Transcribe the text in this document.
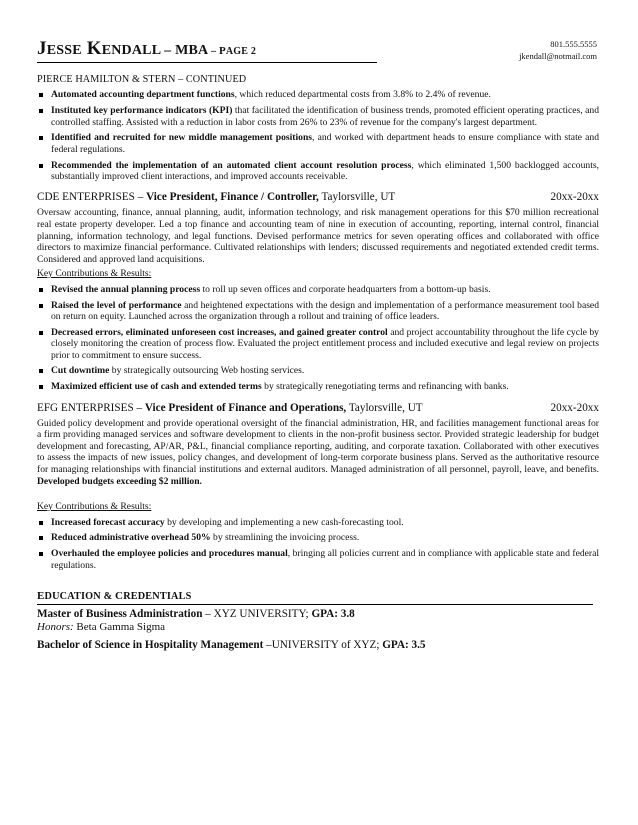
JESSE KENDALL – MBA – PAGE 2
801.555.5555
jkendall@notmail.com
PIERCE HAMILTON & STERN – CONTINUED
Automated accounting department functions, which reduced departmental costs from 3.8% to 2.4% of revenue.
Instituted key performance indicators (KPI) that facilitated the identification of business trends, promoted efficient operating practices, and controlled staffing. Assisted with a reduction in labor costs from 26% to 23% of revenue for the company's largest department.
Identified and recruited for new middle management positions, and worked with department heads to ensure compliance with state and federal regulations.
Recommended the implementation of an automated client account resolution process, which eliminated 1,500 backlogged accounts, substantially improved client interactions, and improved accounts receivable.
CDE ENTERPRISES – Vice President, Finance / Controller, Taylorsville, UT	20xx-20xx
Oversaw accounting, finance, annual planning, audit, information technology, and risk management operations for this $70 million recreational real estate property developer. Led a top finance and accounting team of nine in execution of accounting, reporting, internal control, financial planning, information technology, and legal functions. Devised performance metrics for seven operating offices and collaborated with office directors to maximize financial performance. Cultivated relationships with lenders; discussed requirements and negotiated extended credit terms. Considered and approved land acquisitions.
Key Contributions & Results:
Revised the annual planning process to roll up seven offices and corporate headquarters from a bottom-up basis.
Raised the level of performance and heightened expectations with the design and implementation of a performance measurement tool based on return on equity. Launched across the organization through a rollout and training of office leaders.
Decreased errors, eliminated unforeseen cost increases, and gained greater control and project accountability throughout the life cycle by closely monitoring the creation of process flow. Evaluated the project entitlement process and included executive and legal review on projects prior to commitment to ensure success.
Cut downtime by strategically outsourcing Web hosting services.
Maximized efficient use of cash and extended terms by strategically renegotiating terms and refinancing with banks.
EFG ENTERPRISES – Vice President of Finance and Operations, Taylorsville, UT	20xx-20xx
Guided policy development and provide operational oversight of the financial administration, HR, and facilities management functional areas for a firm providing managed services and software development to clients in the non-profit business sector. Provided strategic leadership for budget development and forecasting, AP/AR, P&L, financial compliance reporting, auditing, and corporate taxation. Collaborated with other executives to assess the impacts of new issues, policy changes, and development of long-term corporate business plans. Served as the authoritative resource for managing relationships with financial institutions and external auditors. Managed administration of all personnel, payroll, leave, and benefits. Developed budgets exceeding $2 million.
Key Contributions & Results:
Increased forecast accuracy by developing and implementing a new cash-forecasting tool.
Reduced administrative overhead 50% by streamlining the invoicing process.
Overhauled the employee policies and procedures manual, bringing all policies current and in compliance with applicable state and federal regulations.
EDUCATION & CREDENTIALS
Master of Business Administration – XYZ UNIVERSITY; GPA: 3.8
Honors: Beta Gamma Sigma
Bachelor of Science in Hospitality Management –UNIVERSITY of XYZ; GPA: 3.5
